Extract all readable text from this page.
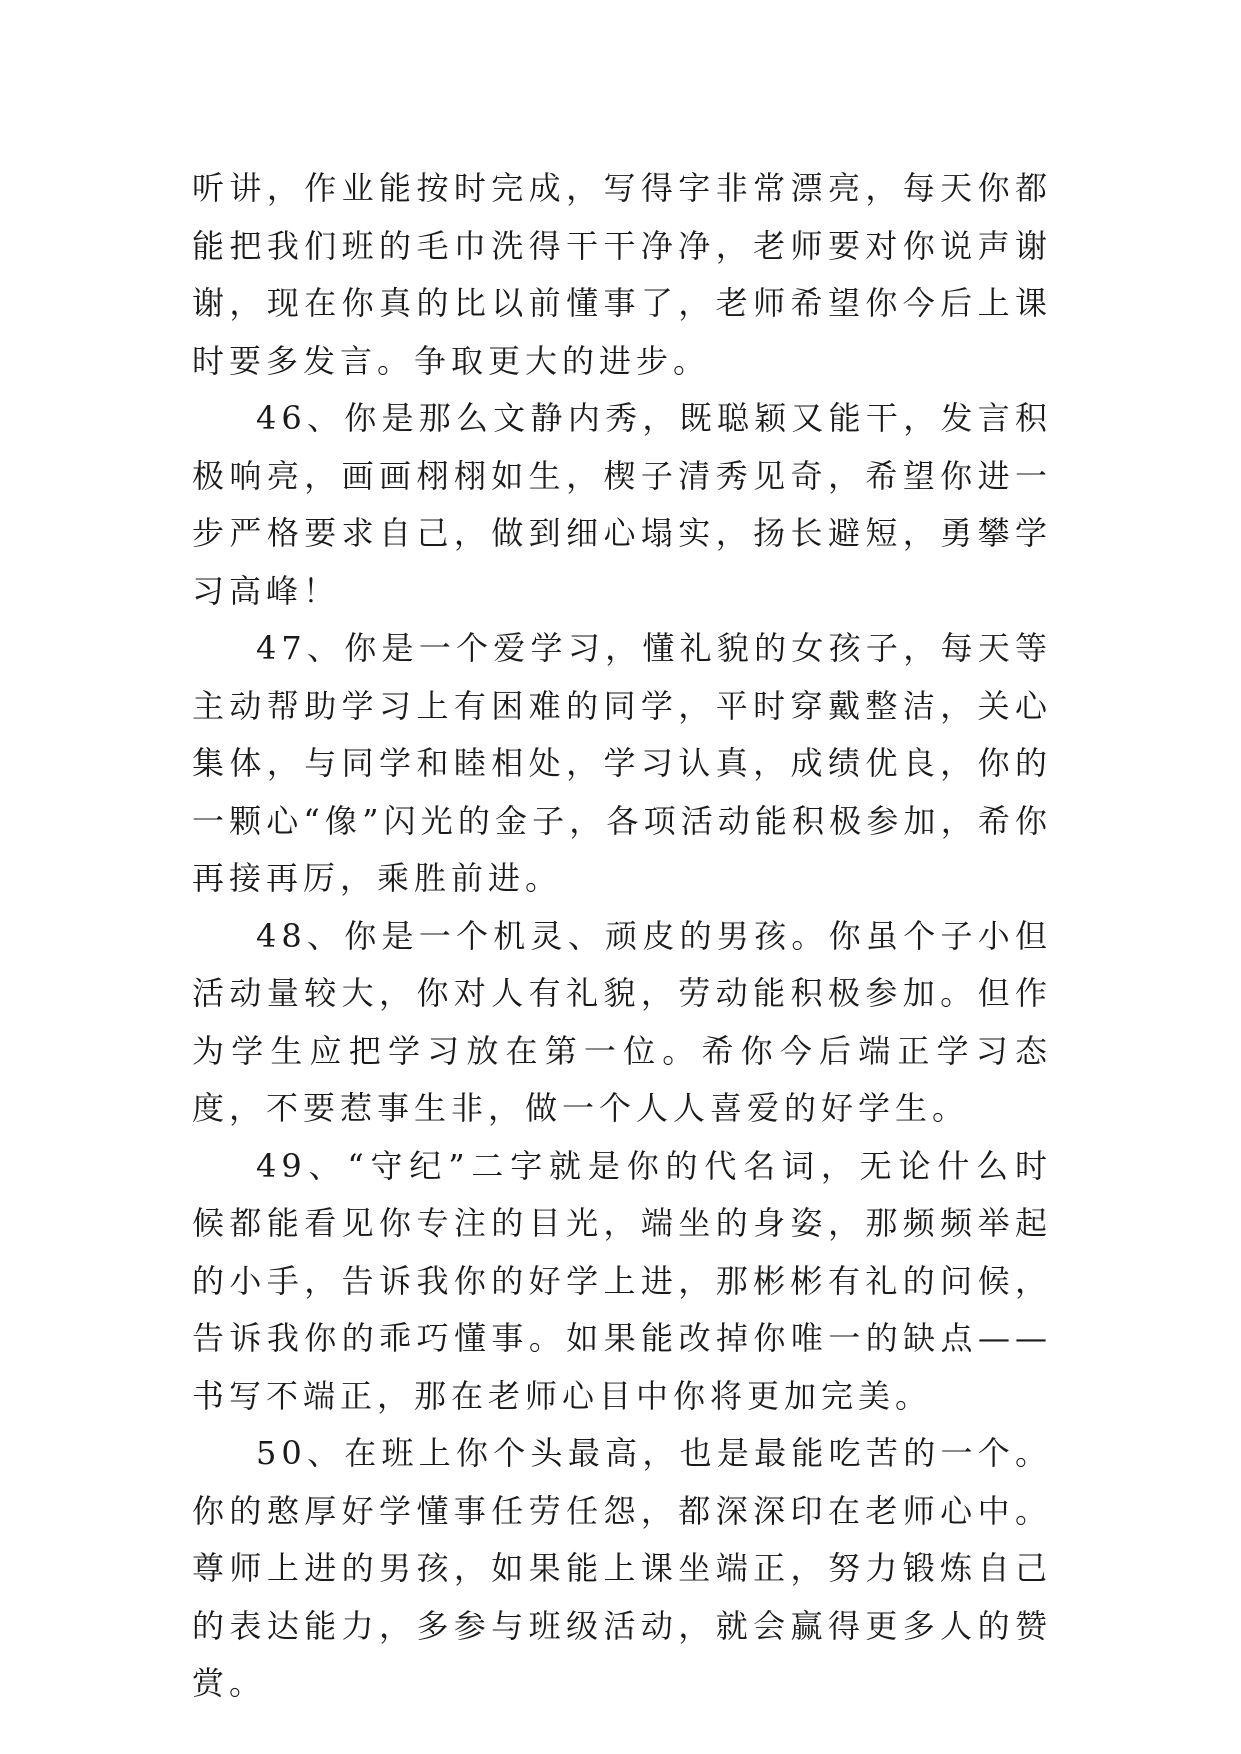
听讲，作业能按时完成，写得字非常漂亮，每天你都能把我们班的毛巾洗得干干净净，老师要对你说声谢谢，现在你真的比以前懂事了，老师希望你今后上课时要多发言。争取更大的进步。

46、你是那么文静内秀，既聪颖又能干，发言积极响亮，画画栩栩如生，楔子清秀见奇，希望你进一步严格要求自己，做到细心塌实，扬长避短，勇攀学习高峰！

47、你是一个爱学习，懂礼貌的女孩子，每天等主动帮助学习上有困难的同学，平时穿戴整洁，关心集体，与同学和睦相处，学习认真，成绩优良，你的一颗心“像”闪光的金子，各项活动能积极参加，希你再接再厉，乘胜前进。

48、你是一个机灵、顽皮的男孩。你虽个子小但活动量较大，你对人有礼貌，劳动能积极参加。但作为学生应把学习放在第一位。希你今后端正学习态度，不要惹事生非，做一个人人喜爱的好学生。

49、“守纪”二字就是你的代名词，无论什么时候都能看见你专注的目光，端坐的身姿，那频频举起的小手，告诉我你的好学上进，那彬彬有礼的问候，告诉我你的乖巧懂事。如果能改掉你唯一的缺点——书写不端正，那在老师心目中你将更加完美。

50、在班上你个头最高，也是最能吃苦的一个。你的憨厚好学懂事任劳任怨，都深深印在老师心中。尊师上进的男孩，如果能上课坐端正，努力锻炼自己的表达能力，多参与班级活动，就会赢得更多人的赞赏。
